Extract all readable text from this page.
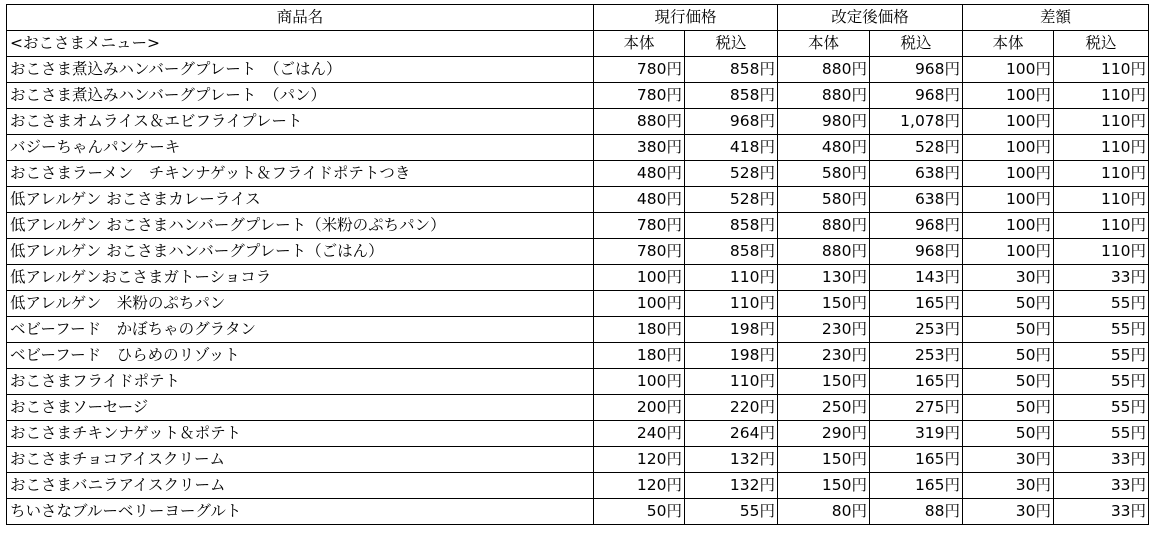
商品名	現行価格		改定後価格		差額	
<おこさまメニュー>	本体	税込	本体	税込	本体	税込
おこさま煮込みハンバーグプレート　（ごはん）	780円	858円	880円	968円	100円	110円
おこさま煮込みハンバーグプレート　（パン）	780円	858円	880円	968円	100円	110円
おこさまオムライス＆エビフライプレート	880円	968円	980円	1,078円	100円	110円
バジーちゃんパンケーキ	380円	418円	480円	528円	100円	110円
おこさまラーメン　チキンナゲット＆フライドポテトつき	480円	528円	580円	638円	100円	110円
低アレルゲン おこさまカレーライス	480円	528円	580円	638円	100円	110円
低アレルゲン おこさまハンバーグプレート（米粉のぷちパン）	780円	858円	880円	968円	100円	110円
低アレルゲン おこさまハンバーグプレート（ごはん）	780円	858円	880円	968円	100円	110円
低アレルゲンおこさまガトーショコラ	100円	110円	130円	143円	30円	33円
低アレルゲン　米粉のぷちパン	100円	110円	150円	165円	50円	55円
ベビーフード　かぼちゃのグラタン	180円	198円	230円	253円	50円	55円
ベビーフード　ひらめのリゾット	180円	198円	230円	253円	50円	55円
おこさまフライドポテト	100円	110円	150円	165円	50円	55円
おこさまソーセージ	200円	220円	250円	275円	50円	55円
おこさまチキンナゲット＆ポテト	240円	264円	290円	319円	50円	55円
おこさまチョコアイスクリーム	120円	132円	150円	165円	30円	33円
おこさまバニラアイスクリーム	120円	132円	150円	165円	30円	33円
ちいさなブルーベリーヨーグルト	50円	55円	80円	88円	30円	33円
